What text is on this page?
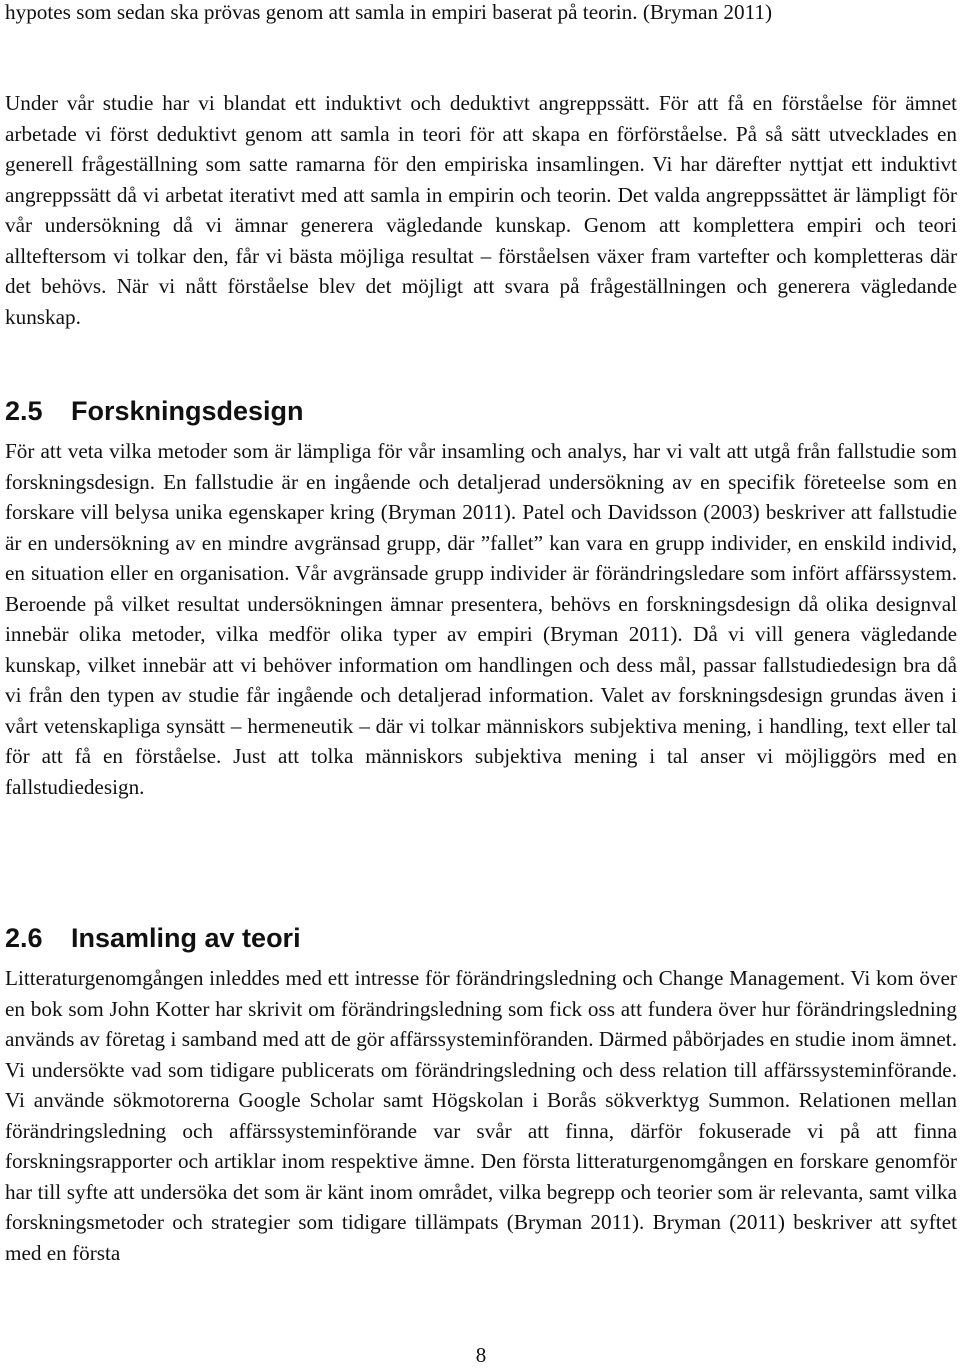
hypotes som sedan ska prövas genom att samla in empiri baserat på teorin. (Bryman 2011)

Under vår studie har vi blandat ett induktivt och deduktivt angreppssätt. För att få en förståelse för ämnet arbetade vi först deduktivt genom att samla in teori för att skapa en förförståelse. På så sätt utvecklades en generell frågeställning som satte ramarna för den empiriska insamlingen. Vi har därefter nyttjat ett induktivt angreppssätt då vi arbetat iterativt med att samla in empirin och teorin. Det valda angreppssättet är lämpligt för vår undersökning då vi ämnar generera vägledande kunskap. Genom att komplettera empiri och teori allteftersom vi tolkar den, får vi bästa möjliga resultat – förståelsen växer fram vartefter och kompletteras där det behövs. När vi nått förståelse blev det möjligt att svara på frågeställningen och generera vägledande kunskap.

2.5 Forskningsdesign

För att veta vilka metoder som är lämpliga för vår insamling och analys, har vi valt att utgå från fallstudie som forskningsdesign. En fallstudie är en ingående och detaljerad undersökning av en specifik företeelse som en forskare vill belysa unika egenskaper kring (Bryman 2011). Patel och Davidsson (2003) beskriver att fallstudie är en undersökning av en mindre avgränsad grupp, där ”fallet” kan vara en grupp individer, en enskild individ, en situation eller en organisation. Vår avgränsade grupp individer är förändringsledare som infört affärssystem. Beroende på vilket resultat undersökningen ämnar presentera, behövs en forskningsdesign då olika designval innebär olika metoder, vilka medför olika typer av empiri (Bryman 2011). Då vi vill genera vägledande kunskap, vilket innebär att vi behöver information om handlingen och dess mål, passar fallstudiedesign bra då vi från den typen av studie får ingående och detaljerad information. Valet av forskningsdesign grundas även i vårt vetenskapliga synsätt – hermeneutik – där vi tolkar människors subjektiva mening, i handling, text eller tal för att få en förståelse. Just att tolka människors subjektiva mening i tal anser vi möjliggörs med en fallstudiedesign.

2.6 Insamling av teori

Litteraturgenomgången inleddes med ett intresse för förändringsledning och Change Management. Vi kom över en bok som John Kotter har skrivit om förändringsledning som fick oss att fundera över hur förändringsledning används av företag i samband med att de gör affärssysteminföranden. Därmed påbörjades en studie inom ämnet. Vi undersökte vad som tidigare publicerats om förändringsledning och dess relation till affärssysteminförande. Vi använde sökmotorerna Google Scholar samt Högskolan i Borås sökverktyg Summon. Relationen mellan förändringsledning och affärssysteminförande var svår att finna, därför fokuserade vi på att finna forskningsrapporter och artiklar inom respektive ämne. Den första litteraturgenomgången en forskare genomför har till syfte att undersöka det som är känt inom området, vilka begrepp och teorier som är relevanta, samt vilka forskningsmetoder och strategier som tidigare tillämpats (Bryman 2011). Bryman (2011) beskriver att syftet med en första

8
